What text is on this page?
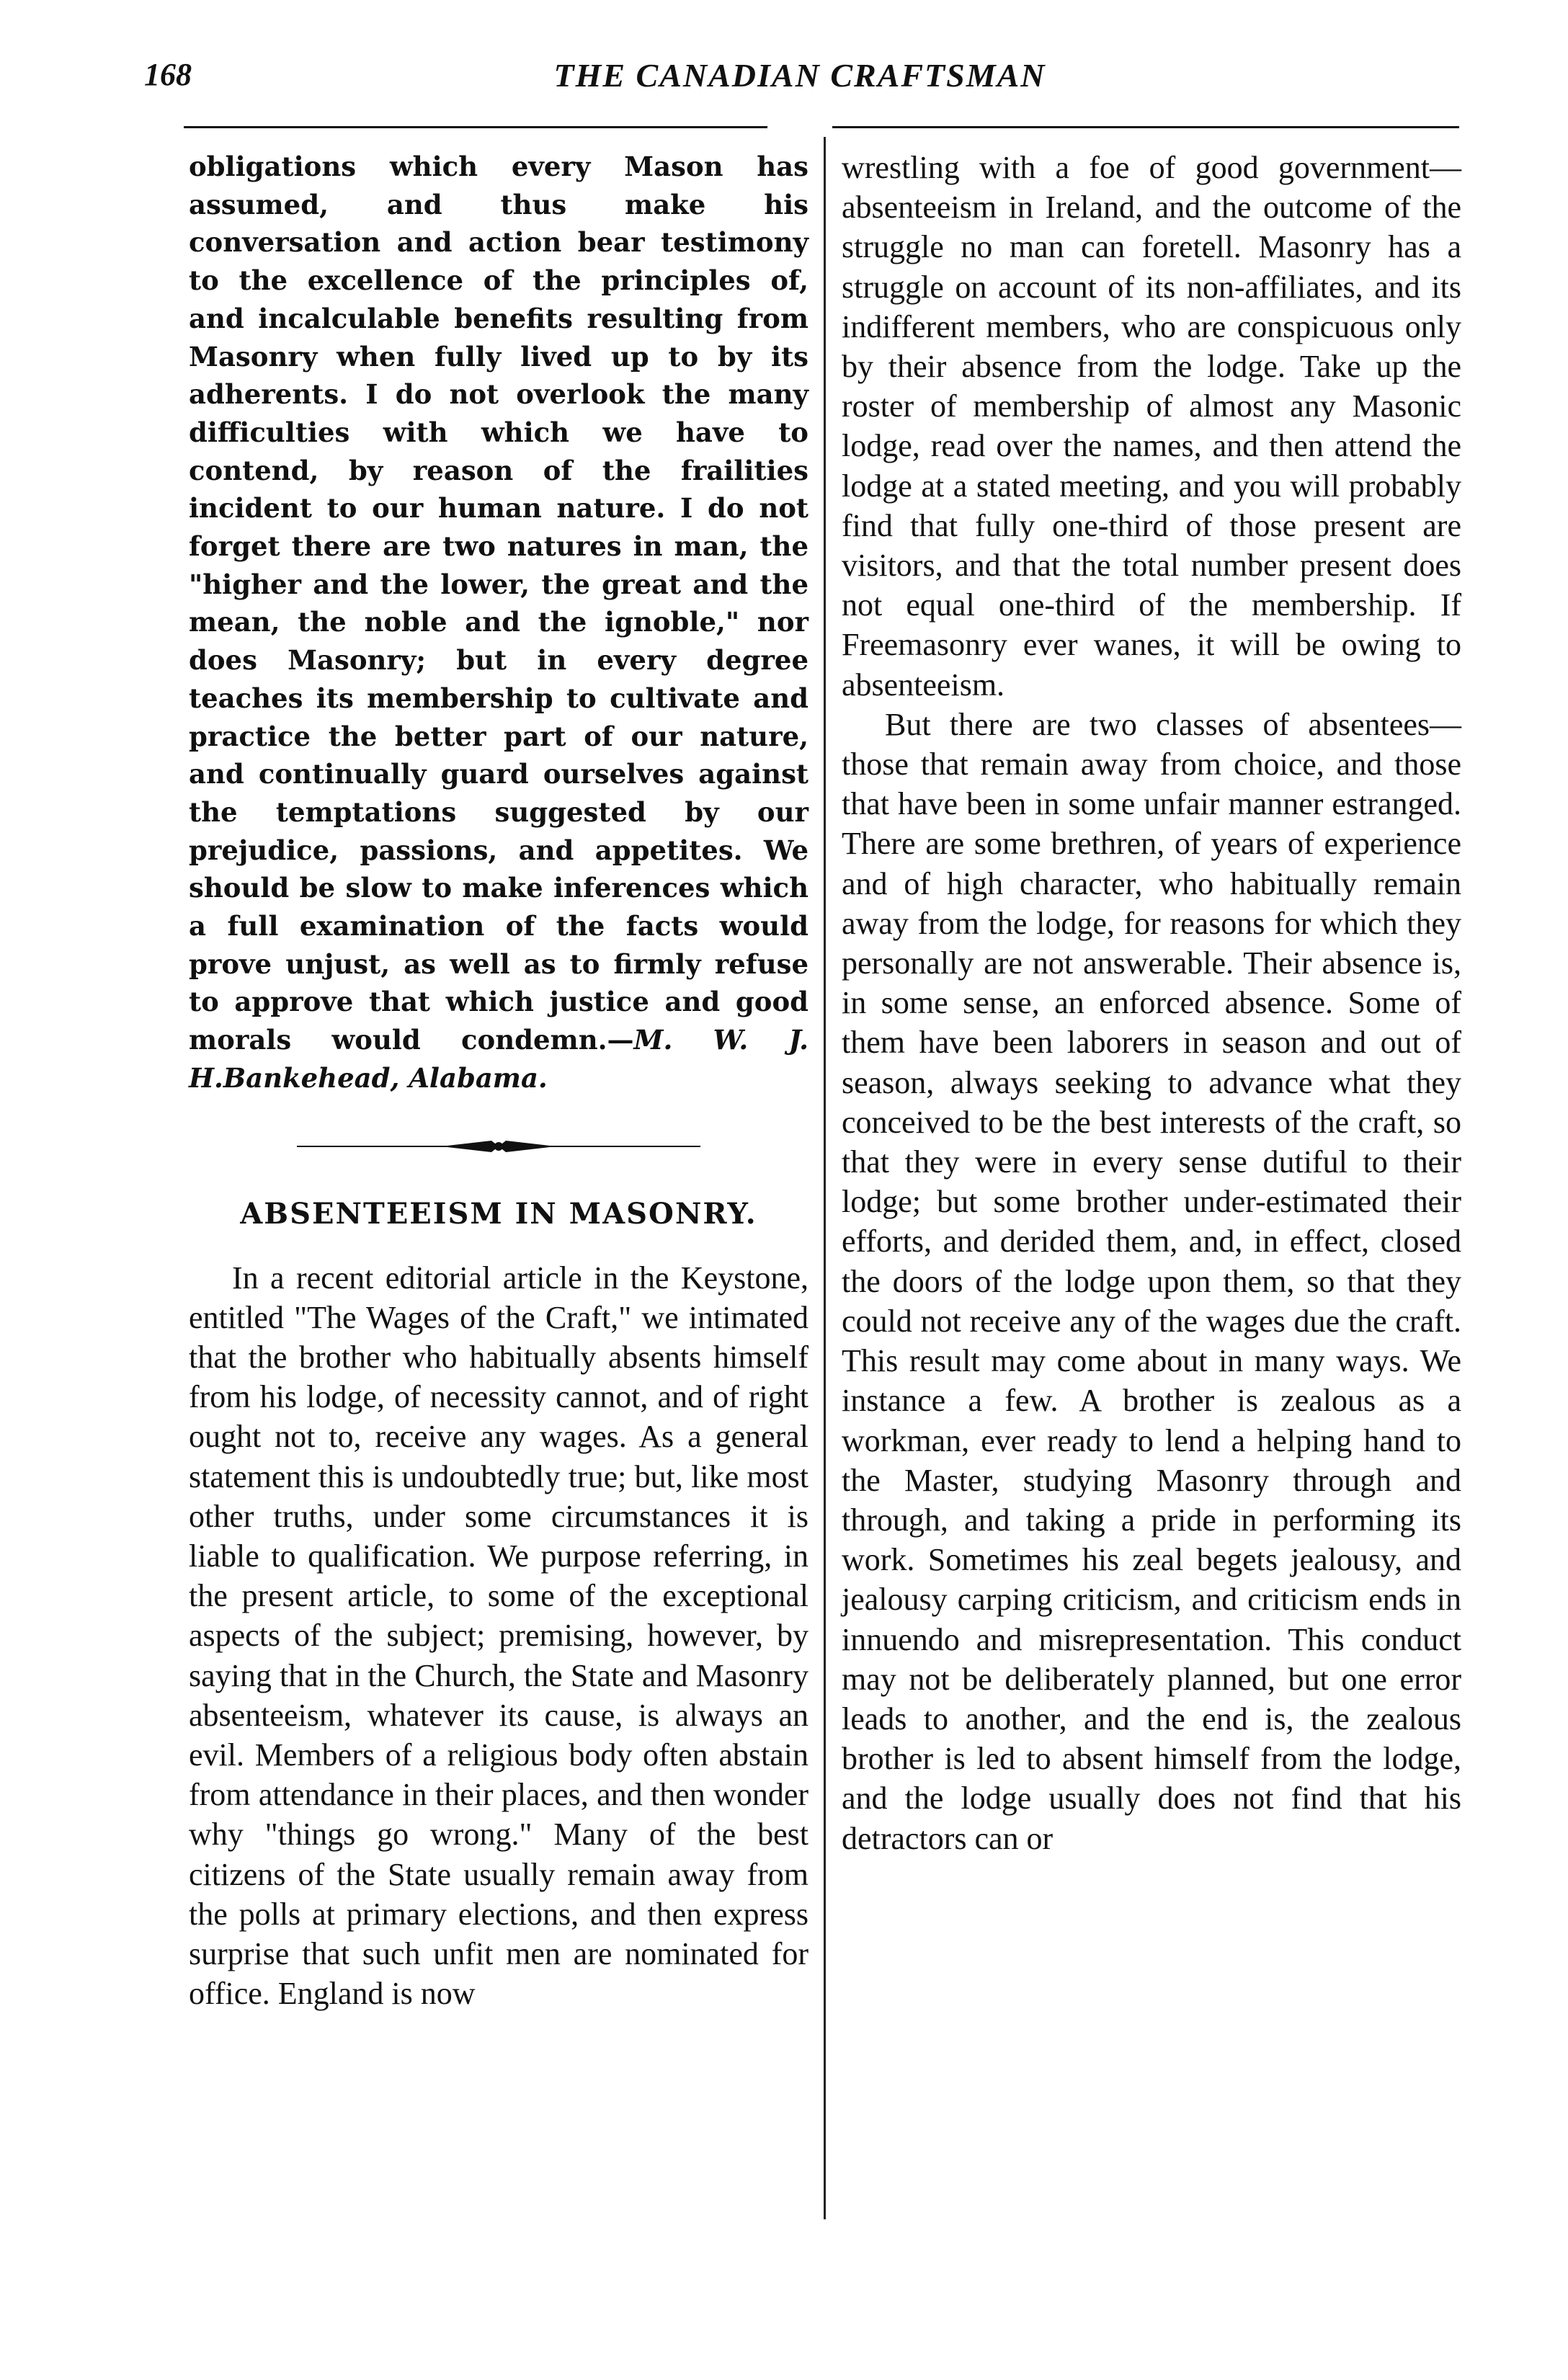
168	THE CANADIAN CRAFTSMAN

obligations which every Mason has assumed, and thus make his conversation and action bear testimony to the excellence of the principles of, and incalculable benefits resulting from Masonry when fully lived up to by its adherents. I do not overlook the many difficulties with which we have to contend, by reason of the frailities incident to our human nature. I do not forget there are two natures in man, the "higher and the lower, the great and the mean, the noble and the ignoble," nor does Masonry; but in every degree teaches its membership to cultivate and practice the better part of our nature, and continually guard ourselves against the temptations suggested by our prejudice, passions, and appetites. We should be slow to make inferences which a full examination of the facts would prove unjust, as well as to firmly refuse to approve that which justice and good morals would condemn.—M. W. J. H.Bankehead, Alabama.

ABSENTEEISM IN MASONRY.

In a recent editorial article in the Keystone, entitled "The Wages of the Craft," we intimated that the brother who habitually absents himself from his lodge, of necessity cannot, and of right ought not to, receive any wages. As a general statement this is undoubtedly true; but, like most other truths, under some circumstances it is liable to qualification. We purpose referring, in the present article, to some of the exceptional aspects of the subject; premising, however, by saying that in the Church, the State and Masonry absenteeism, whatever its cause, is always an evil. Members of a religious body often abstain from attendance in their places, and then wonder why "things go wrong." Many of the best citizens of the State usually remain away from the polls at primary elections, and then express surprise that such unfit men are nominated for office. England is now

wrestling with a foe of good government—absenteeism in Ireland, and the outcome of the struggle no man can foretell. Masonry has a struggle on account of its non-affiliates, and its indifferent members, who are conspicuous only by their absence from the lodge. Take up the roster of membership of almost any Masonic lodge, read over the names, and then attend the lodge at a stated meeting, and you will probably find that fully one-third of those present are visitors, and that the total number present does not equal one-third of the membership. If Freemasonry ever wanes, it will be owing to absenteeism.

But there are two classes of absentees—those that remain away from choice, and those that have been in some unfair manner estranged. There are some brethren, of years of experience and of high character, who habitually remain away from the lodge, for reasons for which they personally are not answerable. Their absence is, in some sense, an enforced absence. Some of them have been laborers in season and out of season, always seeking to advance what they conceived to be the best interests of the craft, so that they were in every sense dutiful to their lodge; but some brother under-estimated their efforts, and derided them, and, in effect, closed the doors of the lodge upon them, so that they could not receive any of the wages due the craft. This result may come about in many ways. We instance a few. A brother is zealous as a workman, ever ready to lend a helping hand to the Master, studying Masonry through and through, and taking a pride in performing its work. Sometimes his zeal begets jealousy, and jealousy carping criticism, and criticism ends in innuendo and misrepresentation. This conduct may not be deliberately planned, but one error leads to another, and the end is, the zealous brother is led to absent himself from the lodge, and the lodge usually does not find that his detractors can or
